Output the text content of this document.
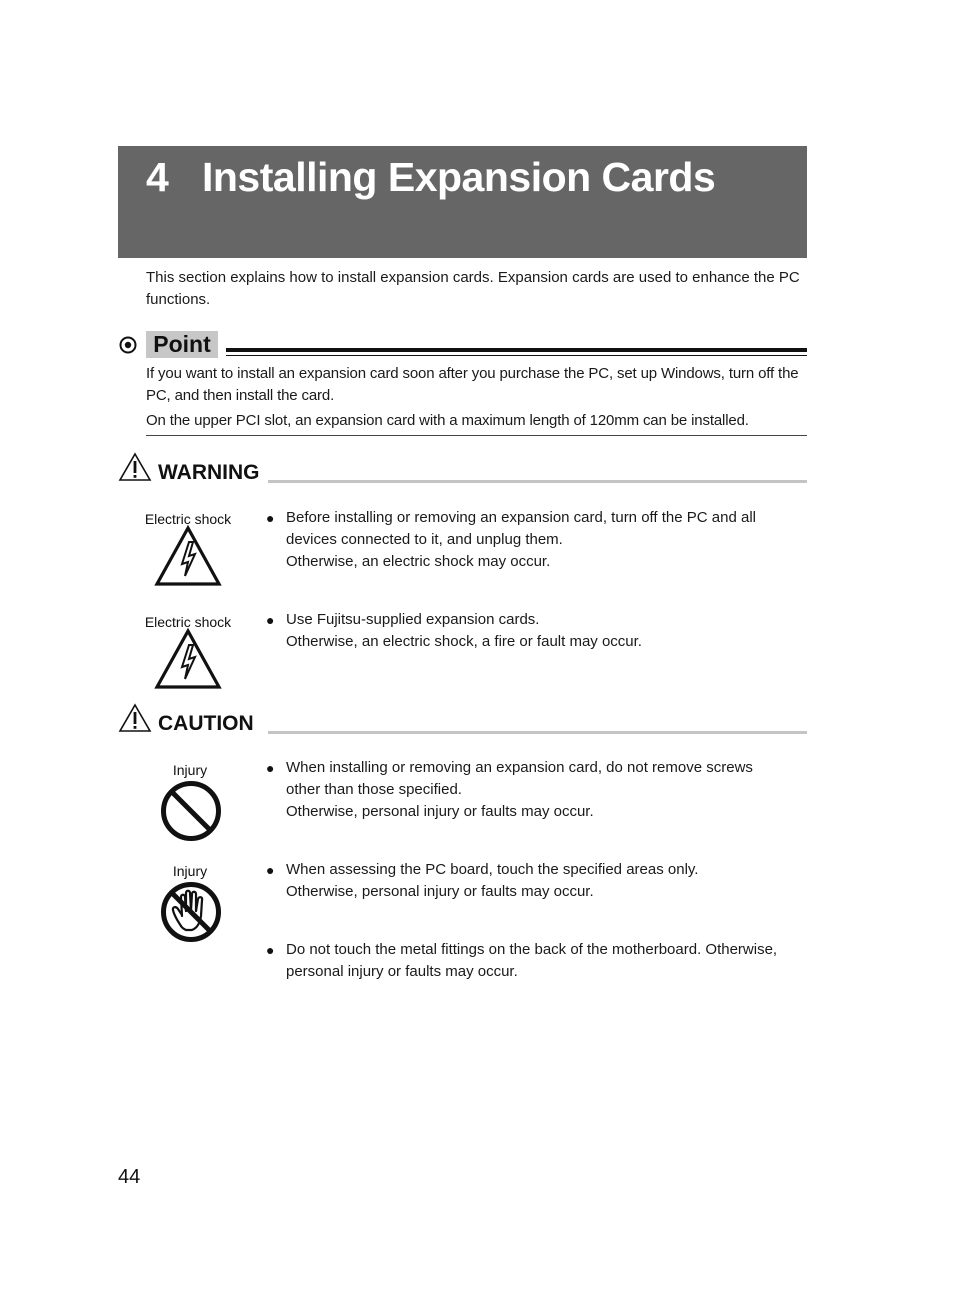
4 Installing Expansion Cards

This section explains how to install expansion cards. Expansion cards are used to enhance the PC functions.

Point

If you want to install an expansion card soon after you purchase the PC, set up Windows, turn off the PC, and then install the card.

On the upper PCI slot, an expansion card with a maximum length of 120mm can be installed.

WARNING
Electric shock	● Before installing or removing an expansion card, turn off the PC and all devices connected to it, and unplug them.

Otherwise, an electric shock may occur.

Electric shock	● Use Fujitsu-supplied expansion cards.

Otherwise, an electric shock, a fire or fault may occur.

CAUTION
Injury	● When installing or removing an expansion card, do not remove screws other than those specified.

Otherwise, personal injury or faults may occur.

Injury	● When assessing the PC board, touch the specified areas only.

Otherwise, personal injury or faults may occur.

● Do not touch the metal fittings on the back of the motherboard. Otherwise, personal injury or faults may occur.

44
